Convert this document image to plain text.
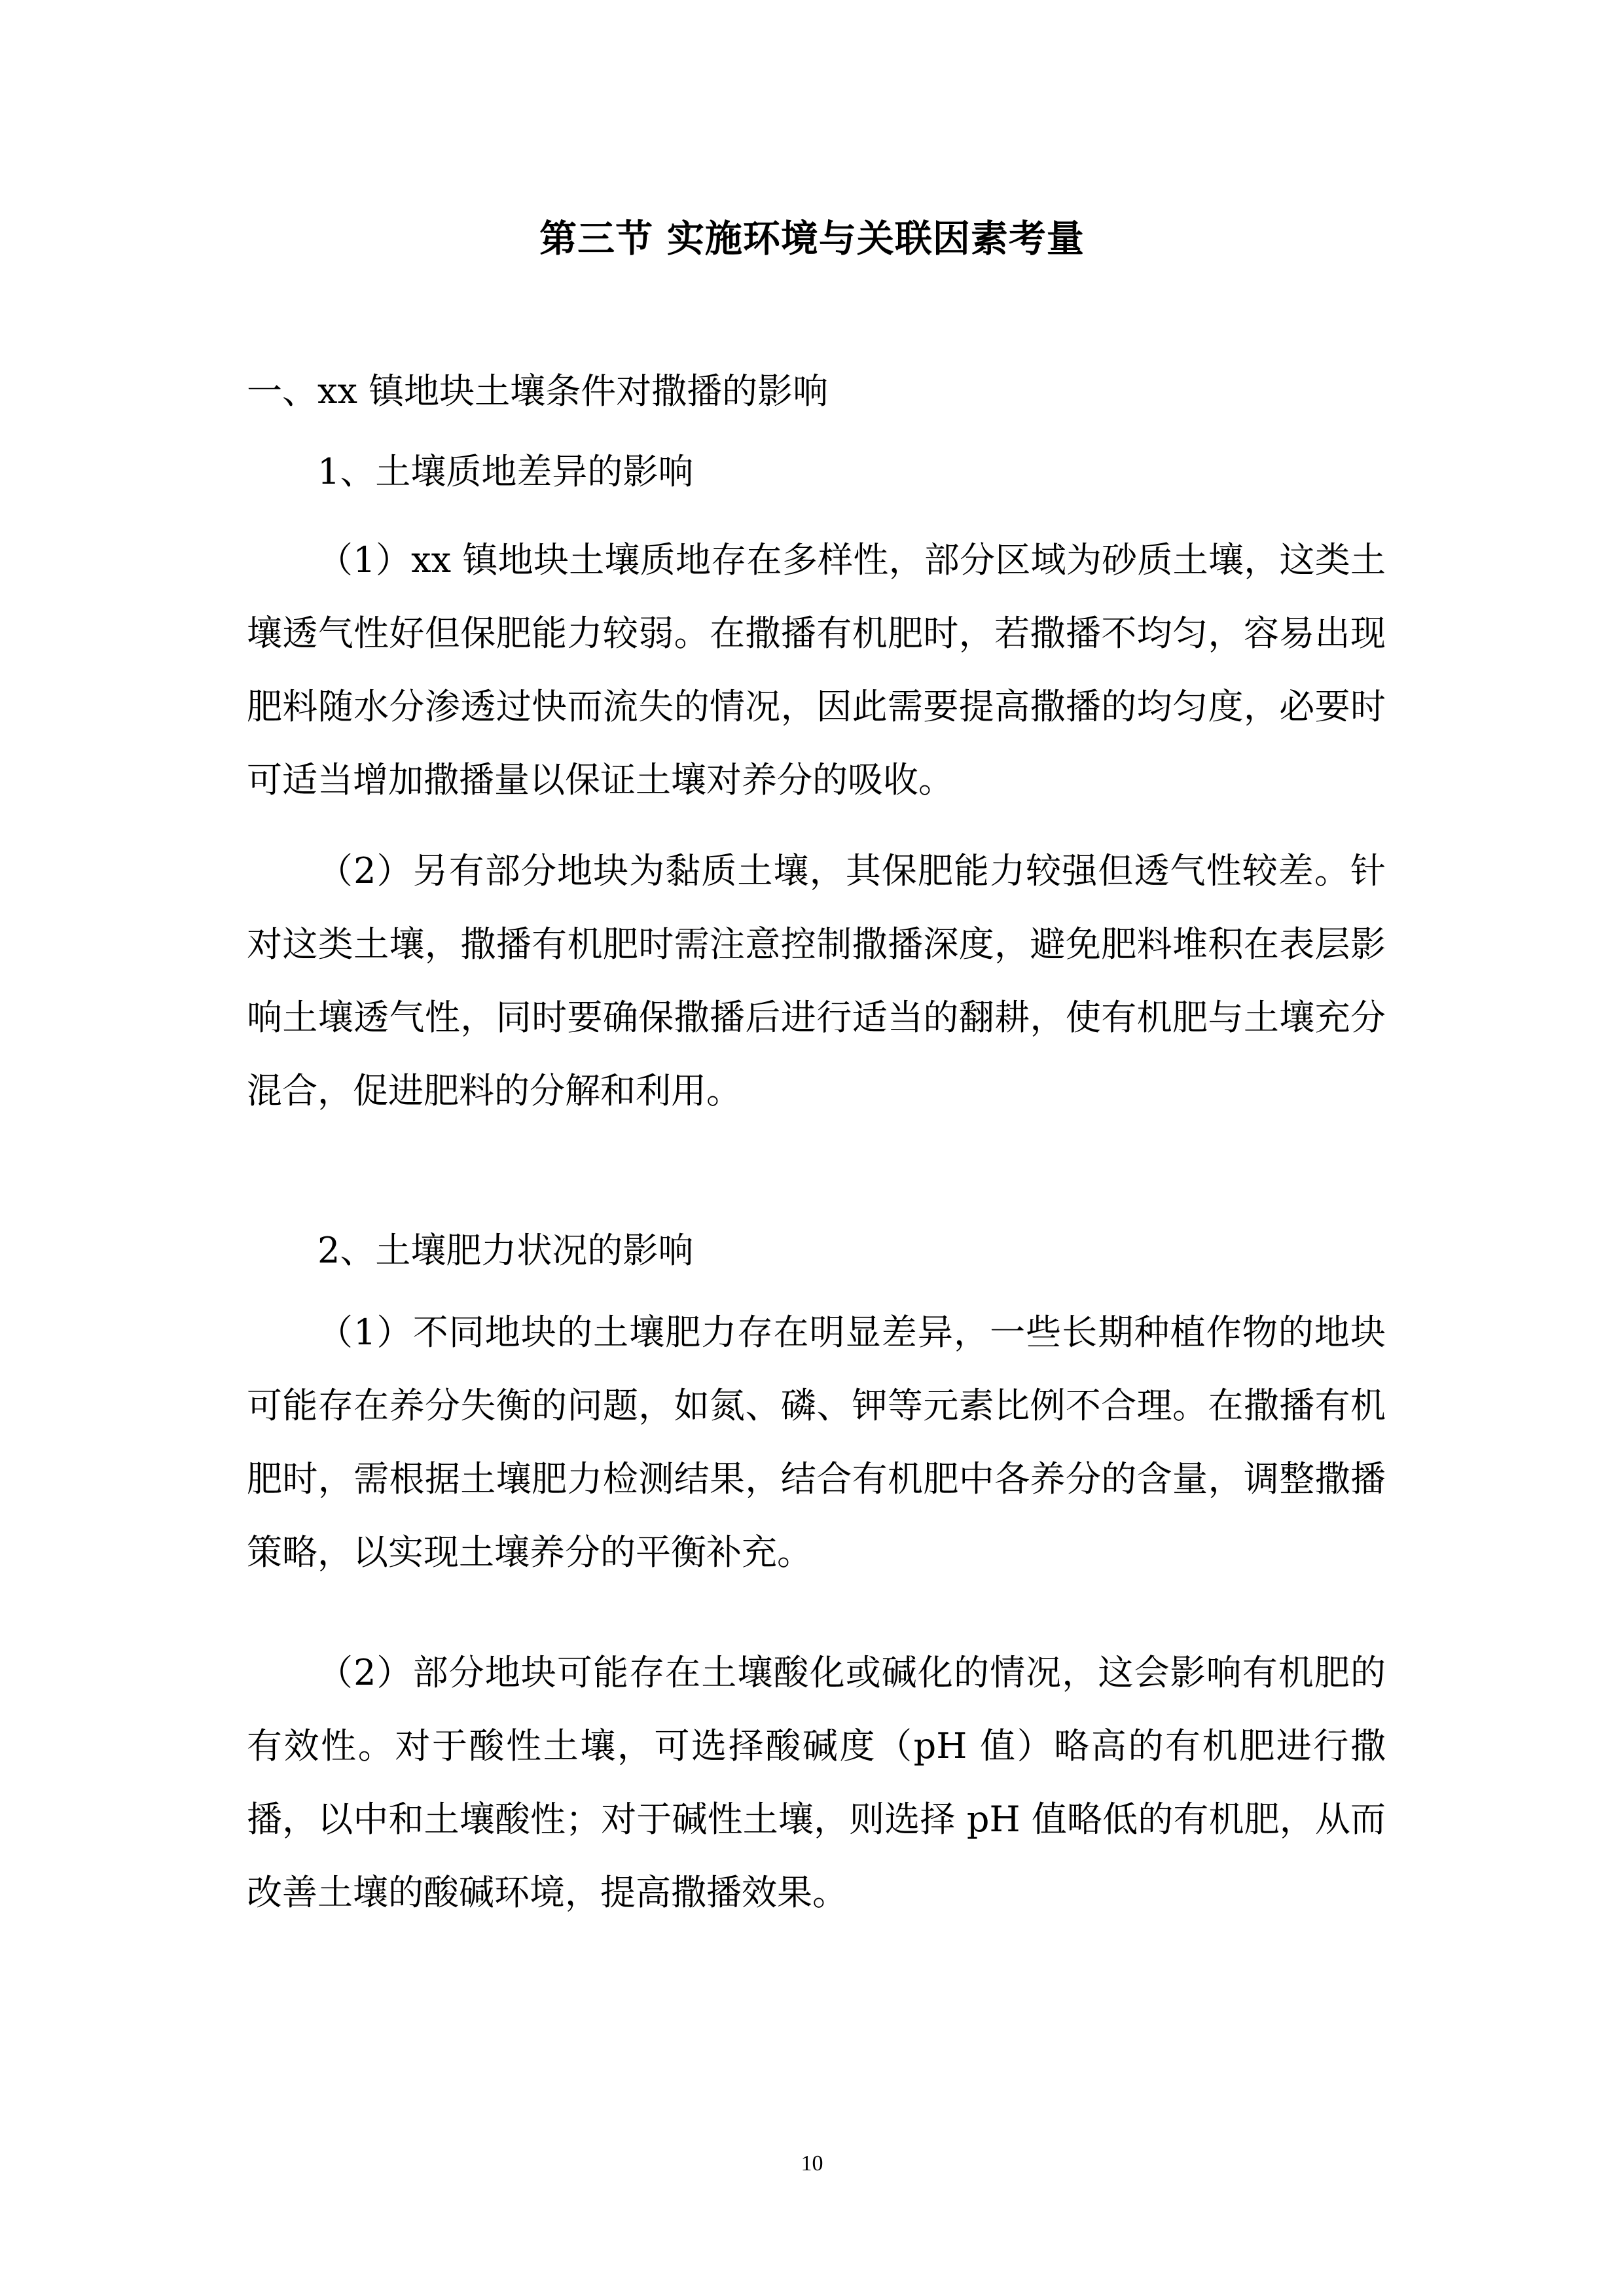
第三节 实施环境与关联因素考量

一、xx 镇地块土壤条件对撒播的影响

1、土壤质地差异的影响

（1）xx 镇地块土壤质地存在多样性，部分区域为砂质土壤，这类土壤透气性好但保肥能力较弱。在撒播有机肥时，若撒播不均匀，容易出现肥料随水分渗透过快而流失的情况，因此需要提高撒播的均匀度，必要时可适当增加撒播量以保证土壤对养分的吸收。

（2）另有部分地块为黏质土壤，其保肥能力较强但透气性较差。针对这类土壤，撒播有机肥时需注意控制撒播深度，避免肥料堆积在表层影响土壤透气性，同时要确保撒播后进行适当的翻耕，使有机肥与土壤充分混合，促进肥料的分解和利用。

2、土壤肥力状况的影响

（1）不同地块的土壤肥力存在明显差异，一些长期种植作物的地块可能存在养分失衡的问题，如氮、磷、钾等元素比例不合理。在撒播有机肥时，需根据土壤肥力检测结果，结合有机肥中各养分的含量，调整撒播策略，以实现土壤养分的平衡补充。

（2）部分地块可能存在土壤酸化或碱化的情况，这会影响有机肥的有效性。对于酸性土壤，可选择酸碱度（pH 值）略高的有机肥进行撒播，以中和土壤酸性；对于碱性土壤，则选择 pH 值略低的有机肥，从而改善土壤的酸碱环境，提高撒播效果。

10
